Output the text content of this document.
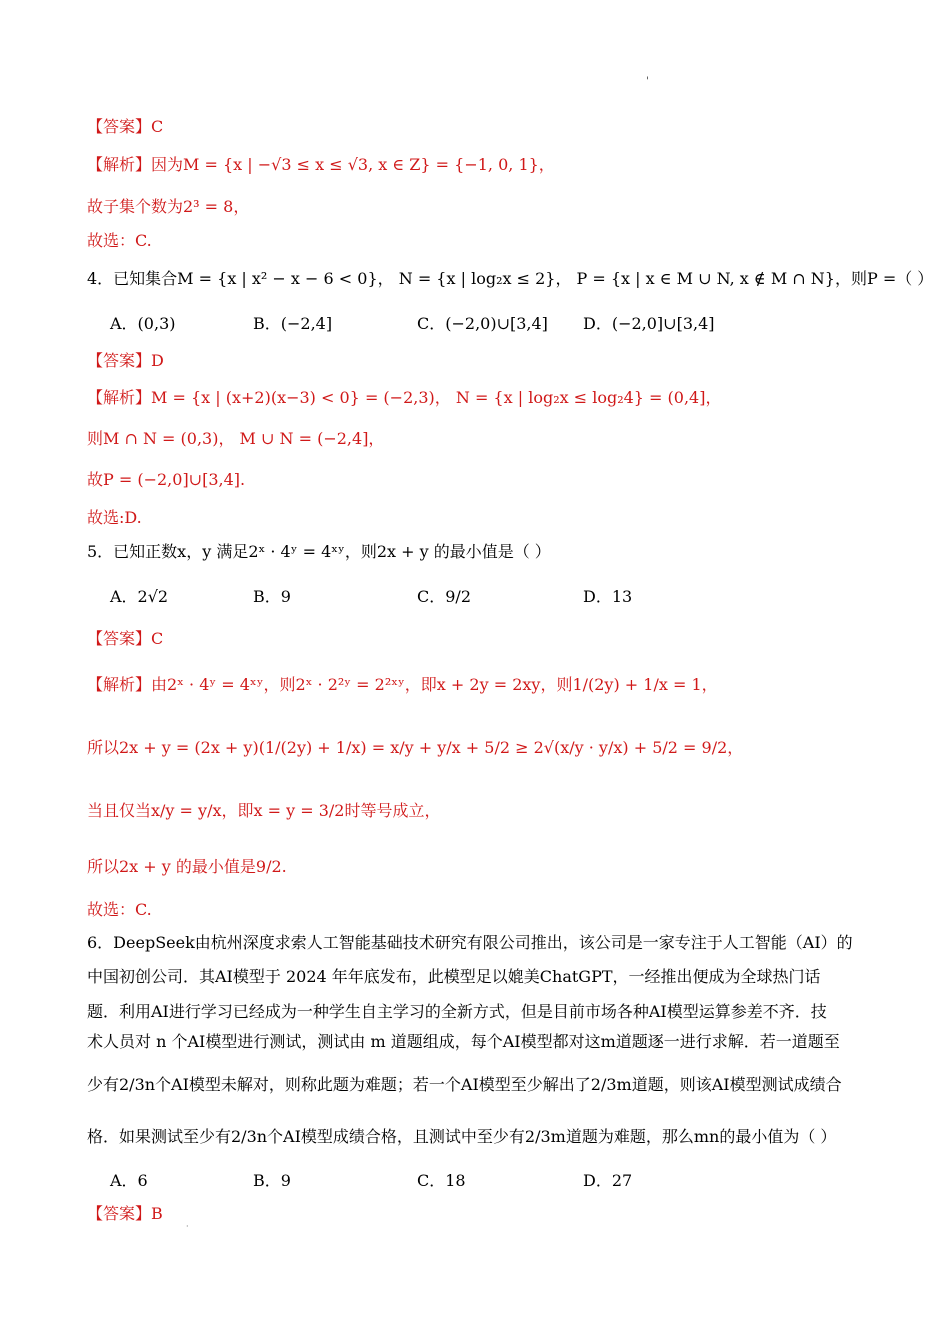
'
【答案】C
【解析】因为M = {x | −√3 ≤ x ≤ √3, x ∈ Z} = {−1, 0, 1}，
故子集个数为2³ = 8，
故选：C.
4．已知集合M = {x | x² − x − 6 < 0}， N = {x | log₂x ≤ 2}， P = {x | x ∈ M ∪ N, x ∉ M ∩ N}，则P =（ ）
A．(0,3)	B．(−2,4]	C．(−2,0)∪[3,4] D．(−2,0]∪[3,4]
【答案】D
【解析】M = {x | (x+2)(x−3) < 0} = (−2,3)， N = {x | log₂x ≤ log₂4} = (0,4]，
则M ∩ N = (0,3)， M ∪ N = (−2,4]，
故P = (−2,0]∪[3,4].
故选:D.
5．已知正数x，y 满足2ˣ · 4ʸ = 4ˣʸ，则2x + y 的最小值是（ ）
A．2√2	B．9	C．9/2	D．13
【答案】C
【解析】由2ˣ · 4ʸ = 4ˣʸ，则2ˣ · 2²ʸ = 2²ˣʸ，即x + 2y = 2xy，则1/(2y) + 1/x = 1，
所以2x + y = (2x + y)(1/(2y) + 1/x) = x/y + y/x + 5/2 ≥ 2√(x/y · y/x) + 5/2 = 9/2，
当且仅当x/y = y/x，即x = y = 3/2时等号成立，
所以2x + y 的最小值是9/2.
故选：C.
6．DeepSeek由杭州深度求索人工智能基础技术研究有限公司推出，该公司是一家专注于人工智能（AI）的
中国初创公司．其AI模型于 2024 年年底发布，此模型足以媲美ChatGPT，一经推出便成为全球热门话
题．利用AI进行学习已经成为一种学生自主学习的全新方式，但是目前市场各种AI模型运算参差不齐．技
术人员对 n 个AI模型进行测试，测试由 m 道题组成，每个AI模型都对这m道题逐一进行求解．若一道题至
少有2/3n个AI模型未解对，则称此题为难题；若一个AI模型至少解出了2/3m道题，则该AI模型测试成绩合
格．如果测试至少有2/3n个AI模型成绩合格，且测试中至少有2/3m道题为难题，那么mn的最小值为（ ）
A．6	B．9	C．18	D．27
【答案】B
·
